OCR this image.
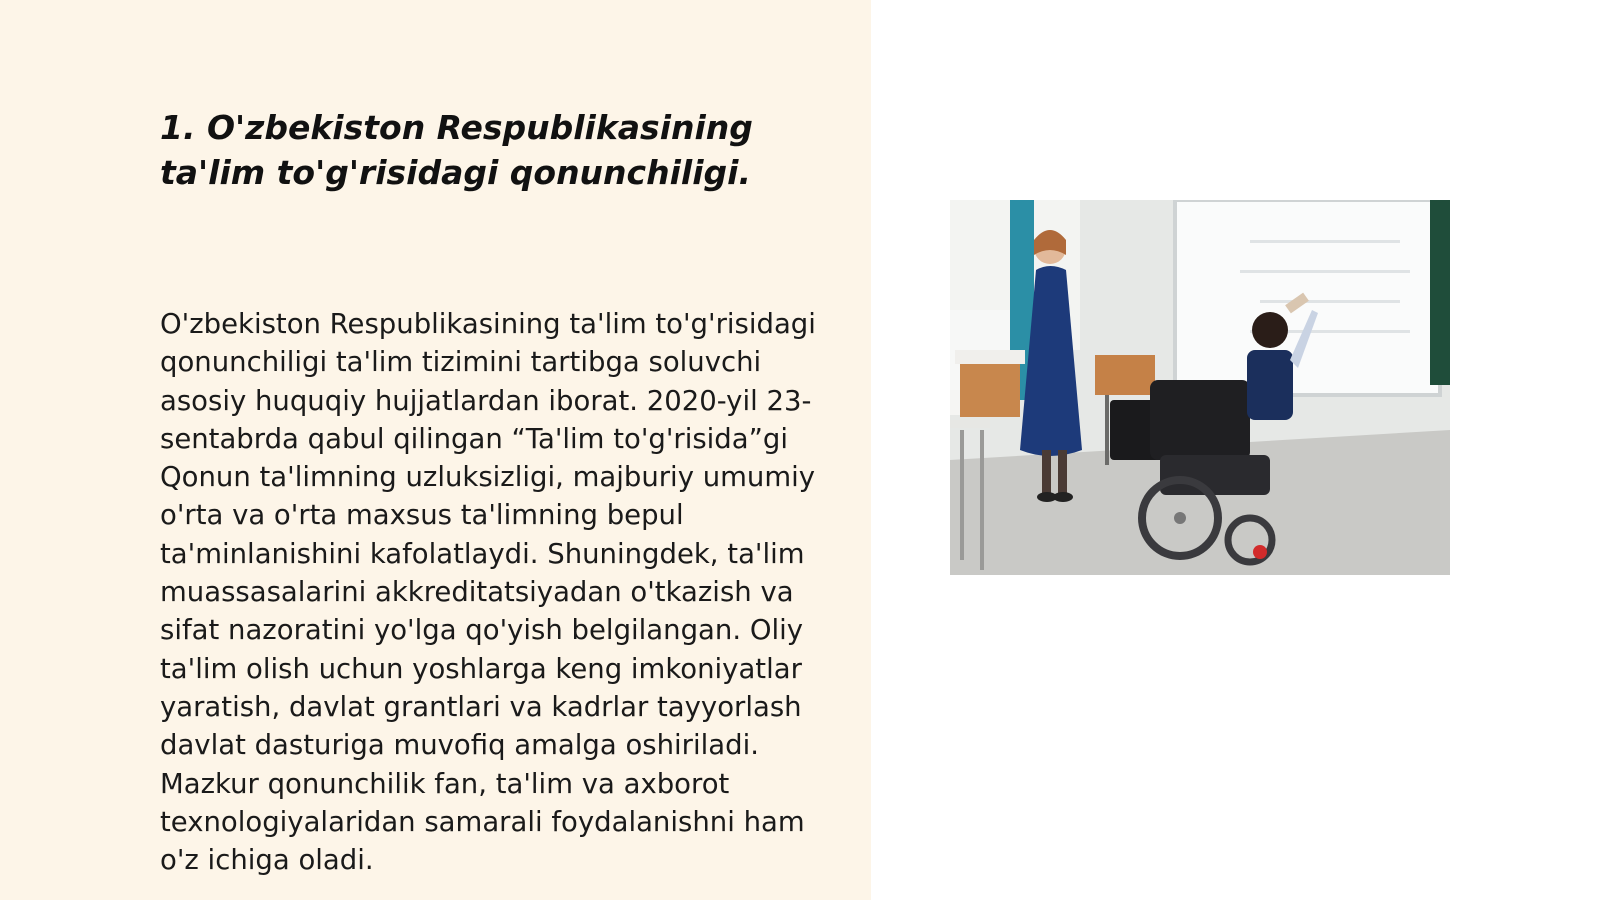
1. O'zbekiston Respublikasining ta'lim to'g'risidagi qonunchiligi.

O'zbekiston Respublikasining ta'lim to'g'risidagi qonunchiligi ta'lim tizimini tartibga soluvchi asosiy huquqiy hujjatlardan iborat. 2020-yil 23-sentabrda qabul qilingan “Ta'lim to'g'risida”gi Qonun ta'limning uzluksizligi, majburiy umumiy o'rta va o'rta maxsus ta'limning bepul ta'minlanishini kafolatlaydi. Shuningdek, ta'lim muassasalarini akkreditatsiyadan o'tkazish va sifat nazoratini yo'lga qo'yish belgilangan. Oliy ta'lim olish uchun yoshlarga keng imkoniyatlar yaratish, davlat grantlari va kadrlar tayyorlash davlat dasturiga muvofiq amalga oshiriladi. Mazkur qonunchilik fan, ta'lim va axborot texnologiyalaridan samarali foydalanishni ham o'z ichiga oladi.
